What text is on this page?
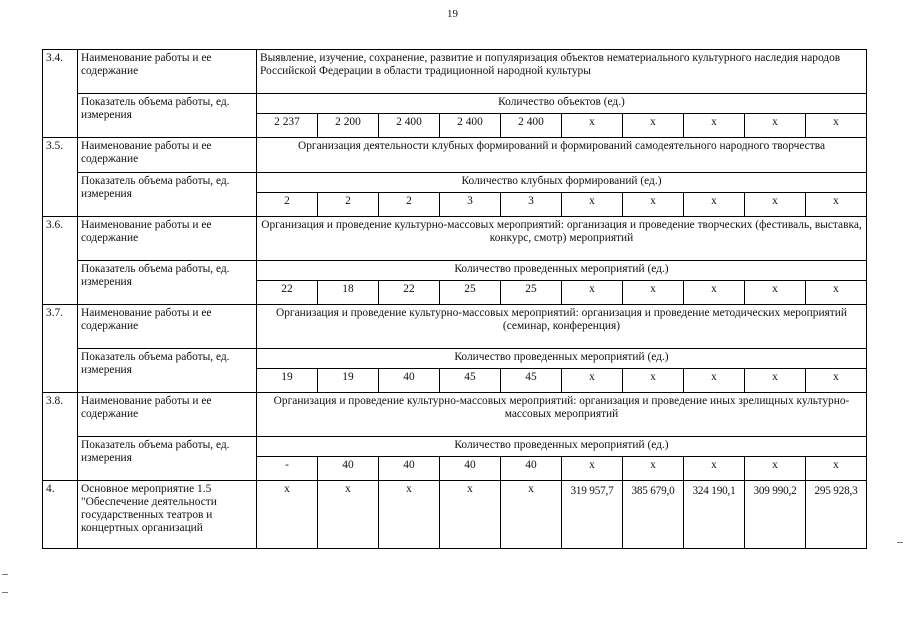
19
3.4.	Наименование работы и ее содержание	Выявление, изучение, сохранение, развитие и популяризация объектов нематериального культурного наследия народов Российской Федерации в области традиционной народной культуры									
	Показатель объема работы, ед. измерения	Количество объектов (ед.)									
		2 237	2 200	2 400	2 400	2 400	x	x	x	x	x
3.5.	Наименование работы и ее содержание	Организация деятельности клубных формирований и формирований самодеятельного народного творчества									
	Показатель объема работы, ед. измерения	Количество клубных формирований (ед.)									
		2	2	2	3	3	x	x	x	x	x
3.6.	Наименование работы и ее содержание	Организация и проведение культурно-массовых мероприятий: организация и проведение творческих (фестиваль, выставка, конкурс, смотр) мероприятий									
	Показатель объема работы, ед. измерения	Количество проведенных мероприятий (ед.)									
		22	18	22	25	25	x	x	x	x	x
3.7.	Наименование работы и ее содержание	Организация и проведение культурно-массовых мероприятий: организация и проведение методических мероприятий (семинар, конференция)									
	Показатель объема работы, ед. измерения	Количество проведенных мероприятий (ед.)									
		19	19	40	45	45	x	x	x	x	x
3.8.	Наименование работы и ее содержание	Организация и проведение культурно-массовых мероприятий: организация и проведение иных зрелищных культурно-массовых мероприятий									
	Показатель объема работы, ед. измерения	Количество проведенных мероприятий (ед.)									
		-	40	40	40	40	x	x	x	x	x
4.	Основное мероприятие 1.5 "Обеспечение деятельности государственных театров и концертных организаций	x	x	x	x	x	319 957,7	385 679,0	324 190,1	309 990,2	295 928,3
